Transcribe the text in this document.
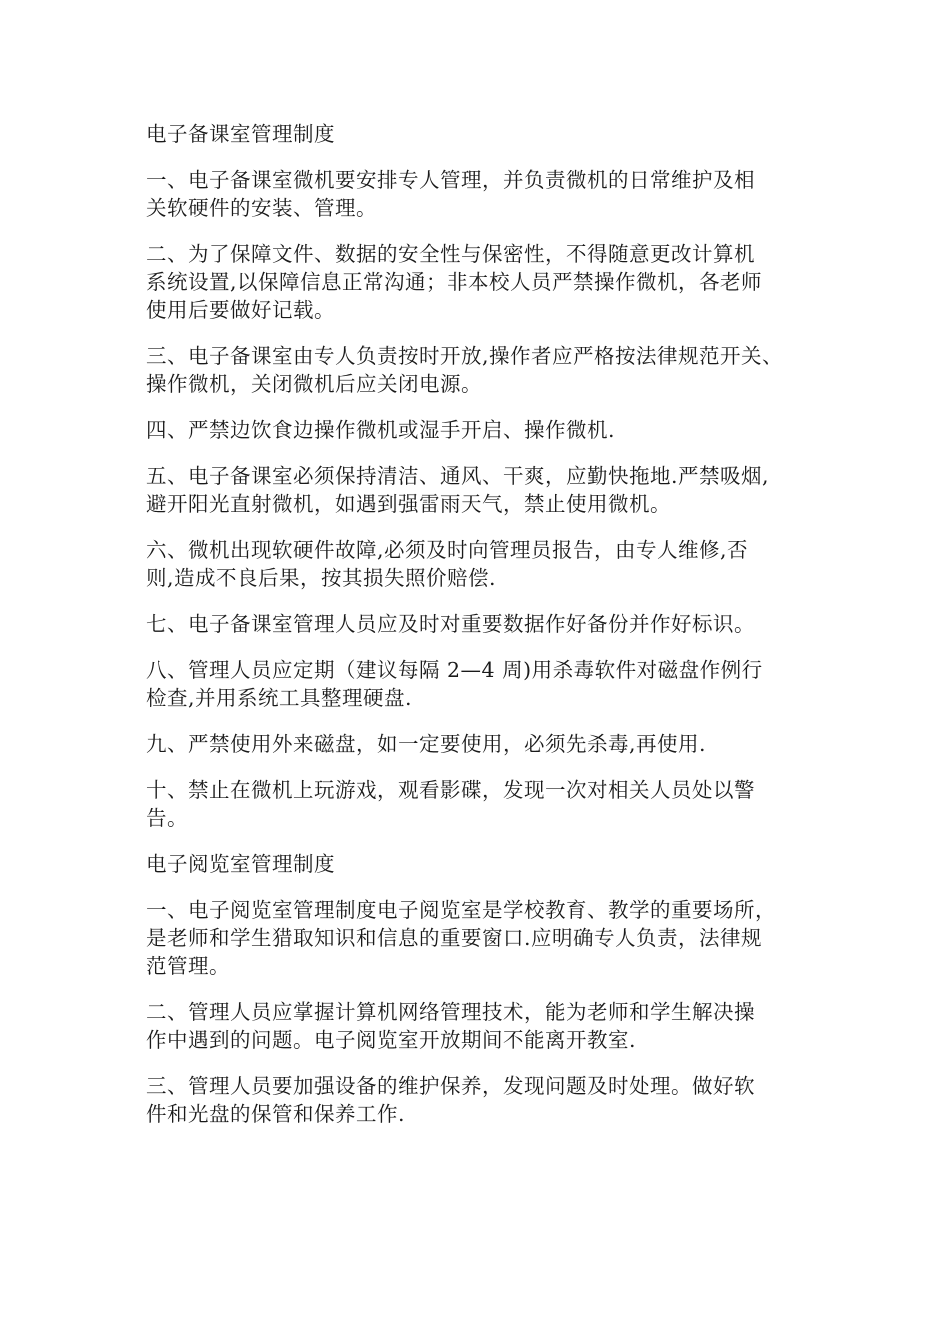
电子备课室管理制度
一、电子备课室微机要安排专人管理，并负责微机的日常维护及相
关软硬件的安装、管理。
二、为了保障文件、数据的安全性与保密性，不得随意更改计算机
系统设置,以保障信息正常沟通；非本校人员严禁操作微机，各老师
使用后要做好记载。
三、电子备课室由专人负责按时开放,操作者应严格按法律规范开关、
操作微机，关闭微机后应关闭电源。
四、严禁边饮食边操作微机或湿手开启、操作微机.
五、电子备课室必须保持清洁、通风、干爽，应勤快拖地.严禁吸烟,
避开阳光直射微机，如遇到强雷雨天气，禁止使用微机。
六、微机出现软硬件故障,必须及时向管理员报告，由专人维修,否
则,造成不良后果，按其损失照价赔偿.
七、电子备课室管理人员应及时对重要数据作好备份并作好标识。
八、管理人员应定期（建议每隔 2—4 周)用杀毒软件对磁盘作例行
检查,并用系统工具整理硬盘.
九、严禁使用外来磁盘，如一定要使用，必须先杀毒,再使用.
十、禁止在微机上玩游戏，观看影碟，发现一次对相关人员处以警
告。
电子阅览室管理制度
一、电子阅览室管理制度电子阅览室是学校教育、教学的重要场所，
是老师和学生猎取知识和信息的重要窗口.应明确专人负责，法律规
范管理。
二、管理人员应掌握计算机网络管理技术，能为老师和学生解决操
作中遇到的问题。电子阅览室开放期间不能离开教室.
三、管理人员要加强设备的维护保养，发现问题及时处理。做好软
件和光盘的保管和保养工作.
